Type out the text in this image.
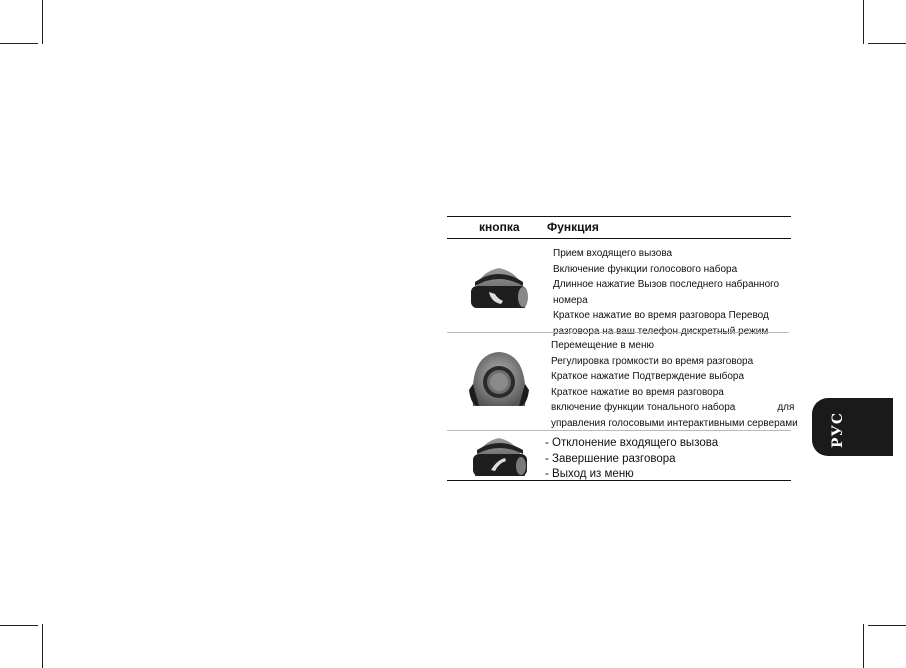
кнопка Функция
Прием входящего вызова
Включение функции голосового набора
Длинное нажатие Вызов последнего набранного
номера
Краткое нажатие во время разговора Перевод
Перемещение в меню
Регулировка громкости во время разговора
Краткое нажатие Подтверждение выбора
Краткое нажатие во время разговора
включение функции тонального набора	для
управления голосовыми интерактивными серверами
- Отклонение входящего вызова
- Завершение разговора
- Выход из меню
РУС
